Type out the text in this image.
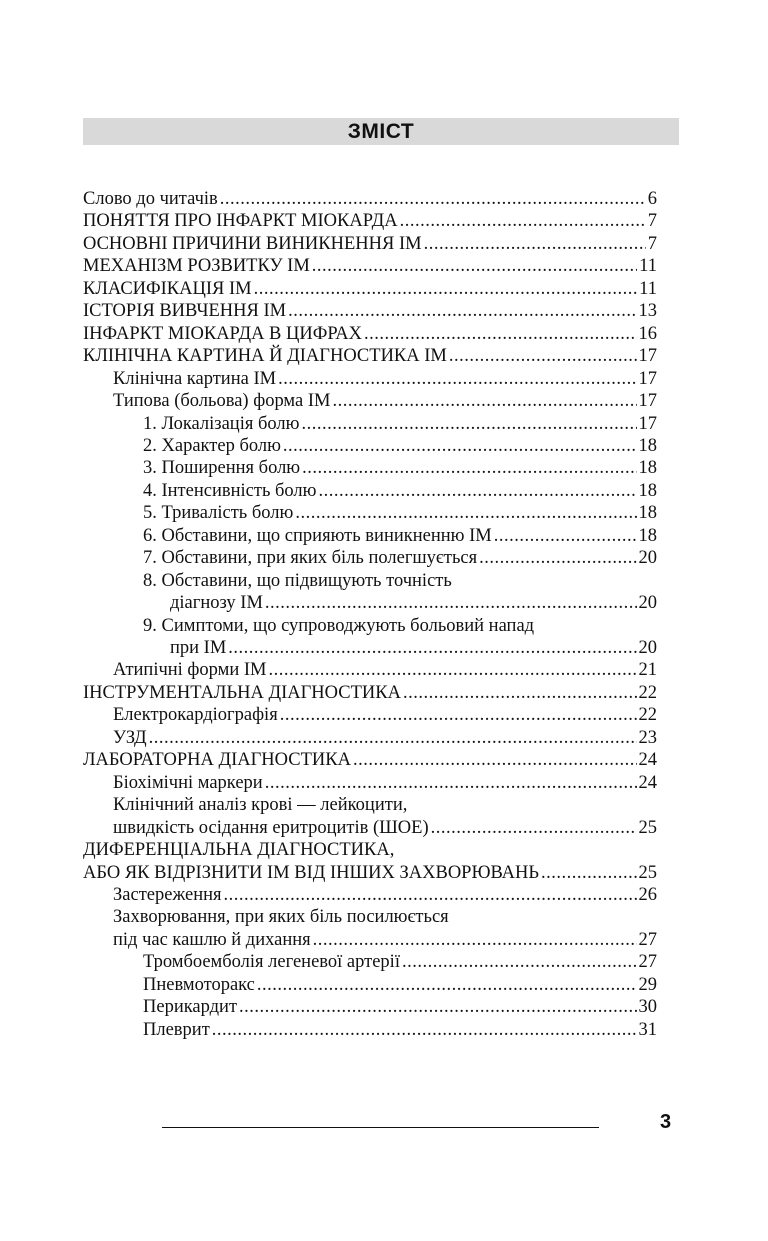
ЗМІСТ
Слово до читачів .....	6
ПОНЯТТЯ ПРО ІНФАРКТ МІОКАРДА .....	7
ОСНОВНІ ПРИЧИНИ ВИНИКНЕННЯ ІМ .....	7
МЕХАНІЗМ РОЗВИТКУ ІМ .....	11
КЛАСИФІКАЦІЯ ІМ .....	11
ІСТОРІЯ ВИВЧЕННЯ ІМ .....	13
ІНФАРКТ МІОКАРДА В ЦИФРАХ .....	16
КЛІНІЧНА КАРТИНА Й ДІАГНОСТИКА ІМ .....	17
Клінічна картина ІМ .....	17
Типова (больова) форма ІМ .....	17
1. Локалізація болю .....	17
2. Характер болю .....	18
3. Поширення болю .....	18
4. Інтенсивність болю .....	18
5. Тривалість болю .....	18
6. Обставини, що сприяють виникненню ІМ .....	18
7. Обставини, при яких біль полегшується .....	20
8. Обставини, що підвищують точність
діагнозу ІМ .....	20
9. Симптоми, що супроводжують больовий напад
при ІМ .....	20
Атипічні форми ІМ .....	21
ІНСТРУМЕНТАЛЬНА ДІАГНОСТИКА .....	22
Електрокардіографія .....	22
УЗД .....	23
ЛАБОРАТОРНА ДІАГНОСТИКА .....	24
Біохімічні маркери .....	24
Клінічний аналіз крові — лейкоцити,
швидкість осідання еритроцитів (ШОЕ) .....	25
ДИФЕРЕНЦІАЛЬНА ДІАГНОСТИКА,
АБО ЯК ВІДРІЗНИТИ ІМ ВІД ІНШИХ ЗАХВОРЮВАНЬ .....	25
Застереження .....	26
Захворювання, при яких біль посилюється
під час кашлю й дихання .....	27
Тромбоемболія легеневої артерії .....	27
Пневмоторакс .....	29
Перикардит .....	30
Плеврит .....	31
3
